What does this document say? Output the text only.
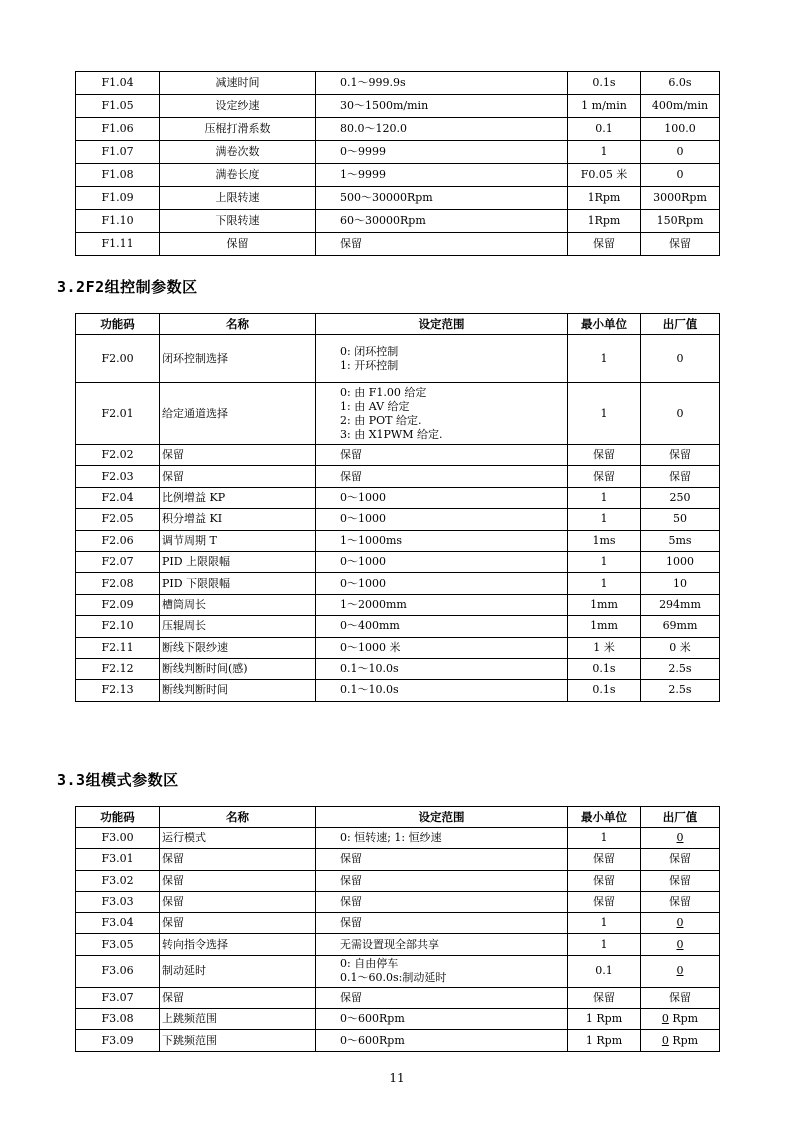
F1.04	减速时间	0.1～999.9s	0.1s	6.0s
F1.05	设定纱速	30～1500m/min	1 m/min	400m/min
F1.06	压棍打滑系数	80.0～120.0	0.1	100.0
F1.07	满卷次数	0～9999	1	0
F1.08	满卷长度	1～9999	F0.05 米	0
F1.09	上限转速	500～30000Rpm	1Rpm	3000Rpm
F1.10	下限转速	60～30000Rpm	1Rpm	150Rpm
F1.11	保留	保留	保留	保留
3.2F2组控制参数区
功能码	名称	设定范围	最小单位	出厂值
F2.00	闭环控制选择	0: 闭环控制
1: 开环控制	1	0
F2.01	给定通道选择	0: 由 F1.00 给定
1: 由 AV 给定
2: 由 POT 给定.
3: 由 X1PWM 给定.	1	0
F2.02	保留	保留	保留	保留
F2.03	保留	保留	保留	保留
F2.04	比例增益 KP	0～1000	1	250
F2.05	积分增益 KI	0～1000	1	50
F2.06	调节周期 T	1～1000ms	1ms	5ms
F2.07	PID 上限限幅	0～1000	1	1000
F2.08	PID 下限限幅	0～1000	1	10
F2.09	槽筒周长	1～2000mm	1mm	294mm
F2.10	压辊周长	0～400mm	1mm	69mm
F2.11	断线下限纱速	0～1000 米	1 米	0 米
F2.12	断线判断时间(感)	0.1～10.0s	0.1s	2.5s
F2.13	断线判断时间	0.1～10.0s	0.1s	2.5s
3.3组模式参数区
功能码	名称	设定范围	最小单位	出厂值
F3.00	运行模式	0: 恒转速; 1: 恒纱速	1	0
F3.01	保留	保留	保留	保留
F3.02	保留	保留	保留	保留
F3.03	保留	保留	保留	保留
F3.04	保留	保留	1	0
F3.05	转向指令选择	无需设置现全部共享	1	0
F3.06	制动延时	0: 自由停车
0.1～60.0s:制动延时	0.1	0
F3.07	保留	保留	保留	保留
F3.08	上跳频范围	0～600Rpm	1 Rpm	0 Rpm
F3.09	下跳频范围	0～600Rpm	1 Rpm	0 Rpm
11
